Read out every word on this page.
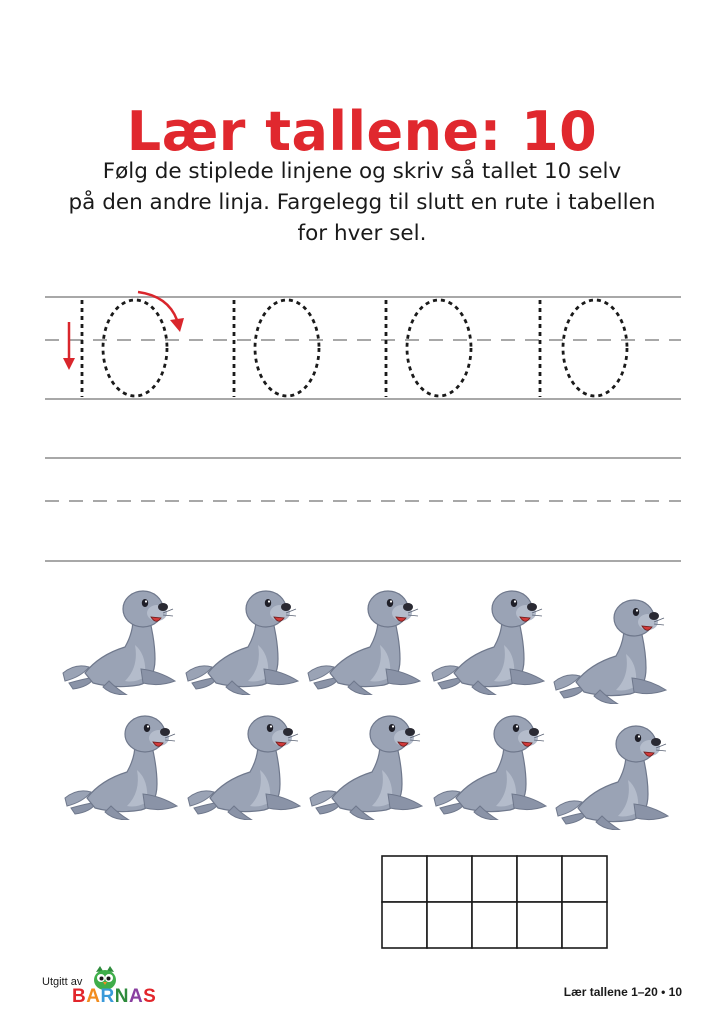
Lær tallene: 10
Følg de stiplede linjene og skriv så tallet 10 selv
på den andre linja. Fargelegg til slutt en rute i tabellen
for hver sel.
Utgitt av
BARNAS	Lær tallene 1–20 • 10
